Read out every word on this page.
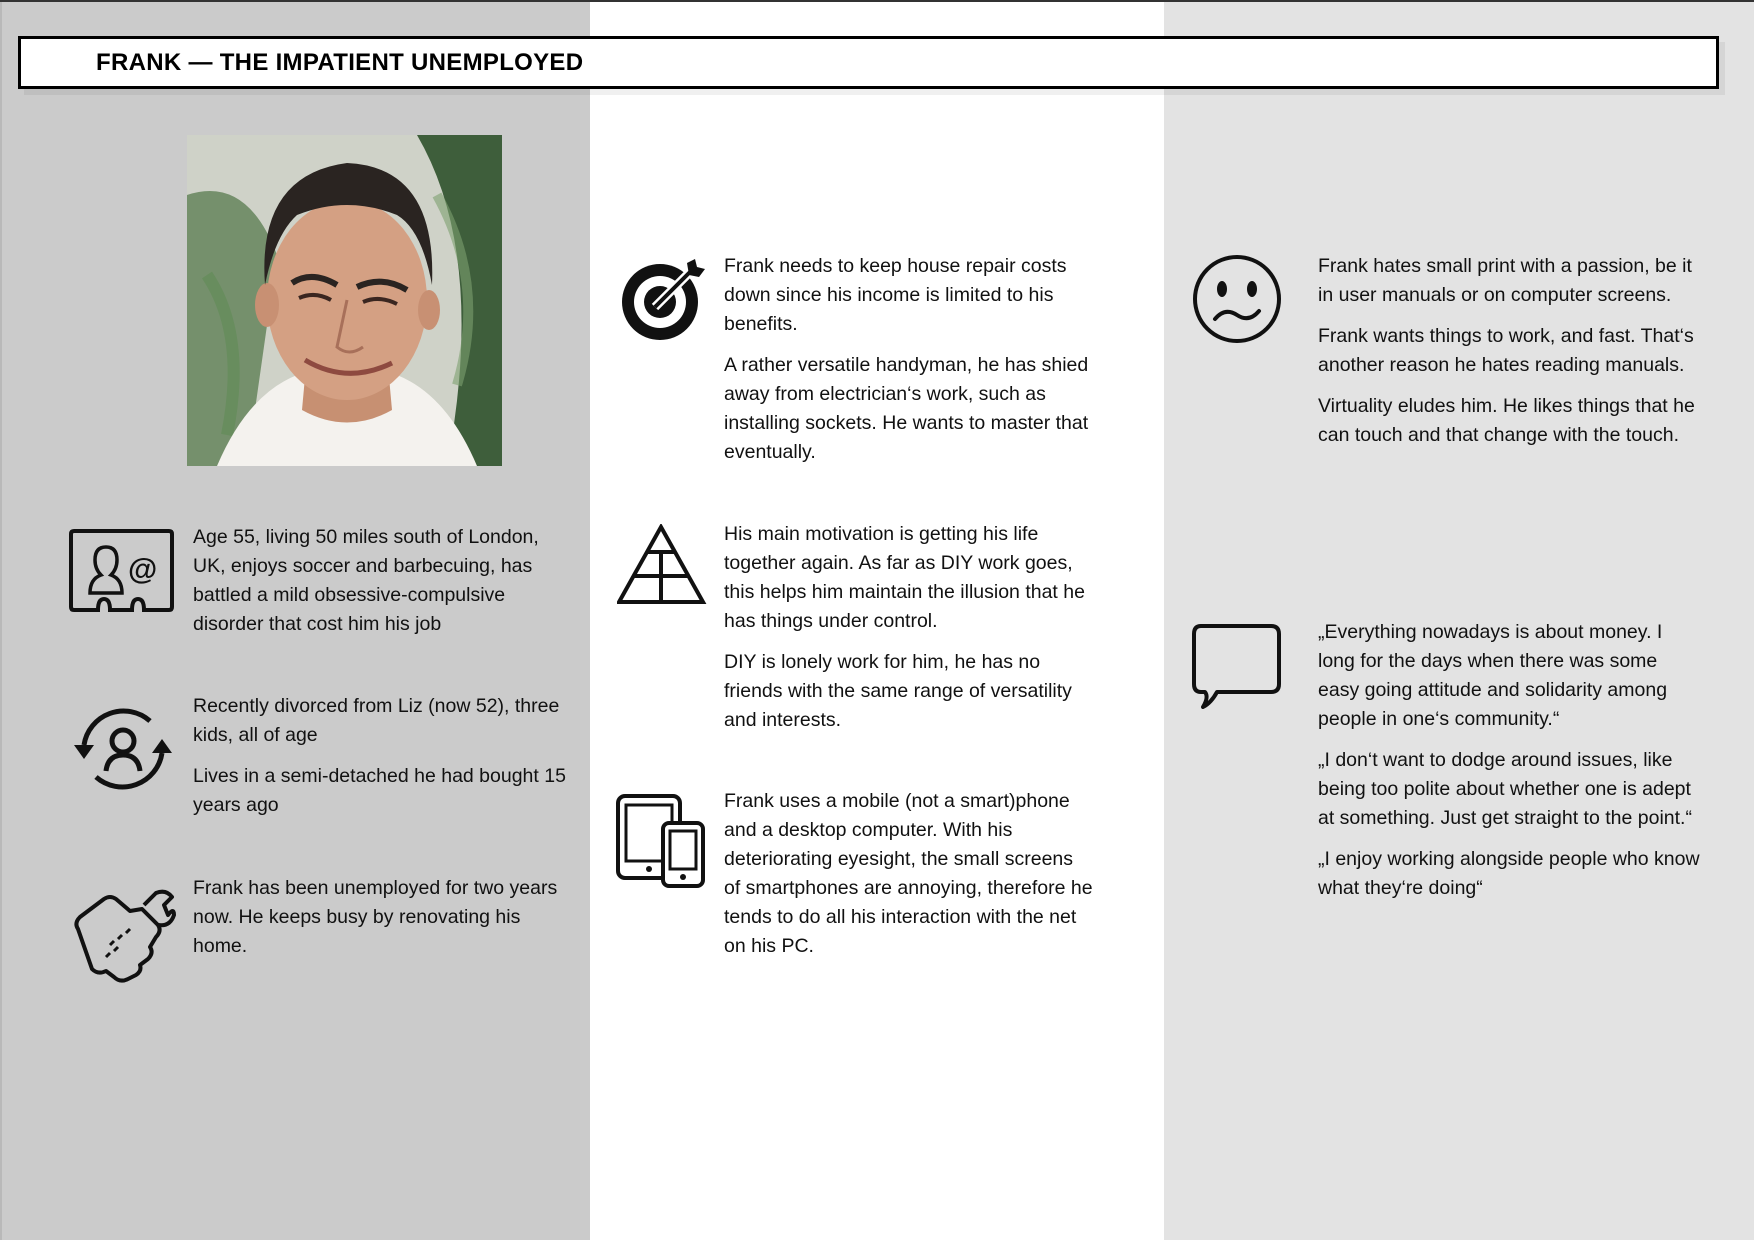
FRANK — THE IMPATIENT UNEMPLOYED
@

Age 55, living 50 miles south of London, UK, enjoys soccer and barbecuing, has battled a mild obsessive-compulsive disorder that cost him his job

Recently divorced from Liz (now 52), three kids, all of age

Lives in a semi-detached he had bought 15 years ago

Frank has been unemployed for two years now. He keeps busy by renovating his home.

Frank needs to keep house repair costs down since his income is limited to his benefits.

A rather versatile handyman, he has shied away from electrician‘s work, such as installing sockets. He wants to master that eventually.

His main motivation is getting his life together again. As far as DIY work goes, this helps him maintain the illusion that he has things under control.

DIY is lonely work for him, he has no friends with the same range of versatility and interests.

Frank uses a mobile (not a smart)phone and a desktop computer. With his deteriorating eyesight, the small screens of smartphones are annoying, therefore he tends to do all his interaction with the net on his PC.

Frank hates small print with a passion, be it in user manuals or on computer screens.

Frank wants things to work, and fast. That‘s another reason he hates reading manuals.

Virtuality eludes him. He likes things that he can touch and that change with the touch.

„Everything nowadays is about money. I long for the days when there was some easy going attitude and solidarity among people in one‘s community.“

„I don‘t want to dodge around issues, like being too polite about whether one is adept at something. Just get straight to the point.“

„I enjoy working alongside people who know what they‘re doing“
